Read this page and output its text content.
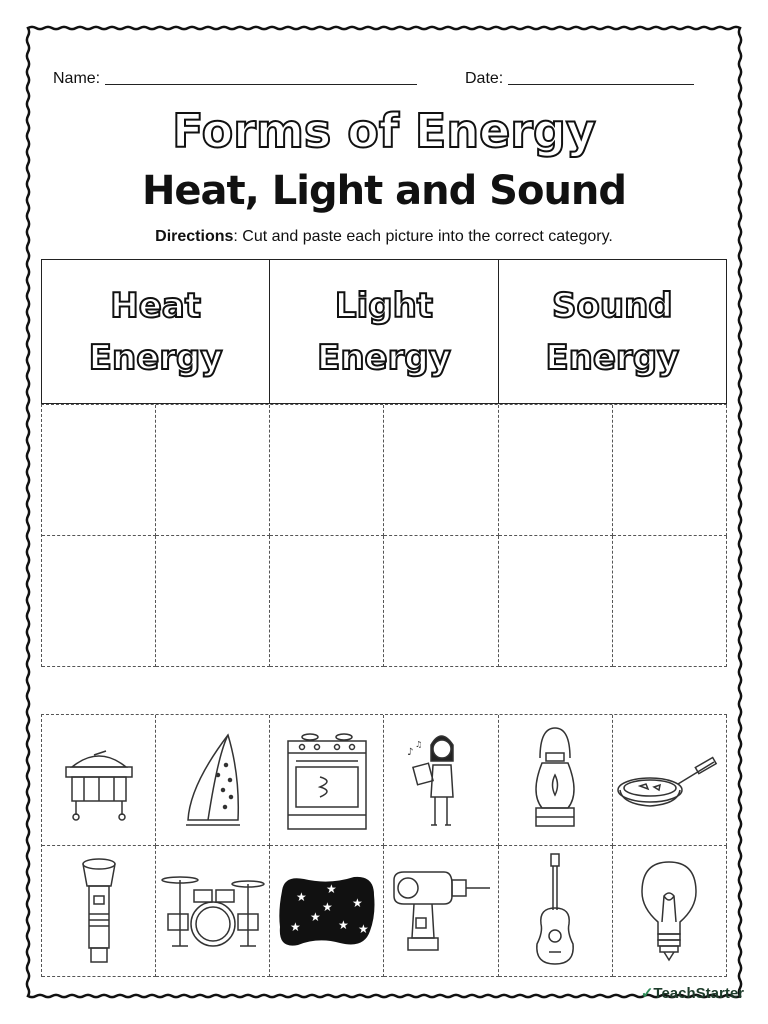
Name:	Date:
Forms of Energy
Heat, Light and Sound
Directions: Cut and paste each picture into the correct category.
Heat
Energy
Light
Energy
Sound
Energy
♪
♫
★
★
★
★
★
★	★
★
✓TeachStarter
